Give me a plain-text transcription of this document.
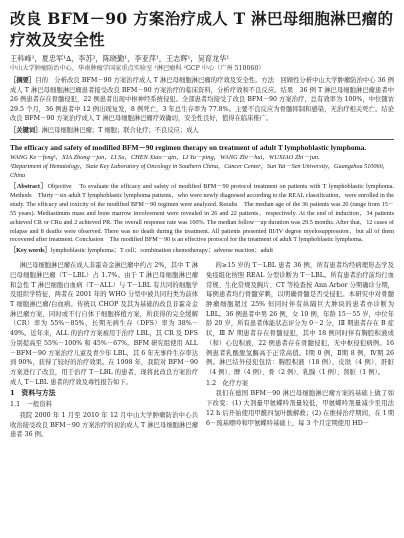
改良 BFM－90 方案治疗成人 T 淋巴母细胞淋巴瘤的疗效及安全性
王科峰¹，夏忠军¹∆，李苏²，陈晓勤¹，李亚萍¹，王志辉¹，吴育龙华¹
中山大学肿瘤防治中心，华南肿瘤学国家重点实验室 ¹淋巴瘤科 ²GCP 中心（广州 510060）
［摘要］目的　分析改良 BFM－90 方案治疗成人 T 淋巴母细胞淋巴瘤的疗效及安全性。方法　回顾性分析中山大学肿瘤防治中心 36 例成人 T 淋巴母细胞淋巴瘤患者接受改良 BFM－90 方案治疗的临床资料，分析疗效和不良反应。结果　36 例 T 淋巴母细胞淋巴瘤患者中 26 例患者存在骨髓侵犯，22 例患者出现中枢神经系统侵犯。全部患者均接受了改良 BFM－90 方案治疗，总有效率为 100%，中位随访 29.5 个月，36 例患者中 12 例出现复发，8 例死亡，3 年总生存率为 77.8%。主要不良反应为骨髓抑制和感染，无治疗相关死亡。结论　改良 BFM－90 方案治疗成人 T 淋巴母细胞淋巴瘤疗效确切，安全性良好，值得在临床推广。
［关键词］淋巴母细胞淋巴瘤；T 细胞；联合化疗；不良反应；成人
The efficacy and safety of modified BFM－90 regimen therapy on treatment of adult T lymphoblastic lymphoma.
WANG Ke－feng¹，XIA Zhong－jun，LI Su，CHEN Xiao－qin，LI Ya－ping，WANG Zhi－hui，WUXIAO Zhi－jun.
¹Department of Hematology，State Key Laboratory of Oncology in Southern China，Cancer Center，Sun Yat－Sen University，Guangzhou 510060，China
［Abstract］Objective　To evaluate the efficacy and safety of modified BFM－90 protocol treatment on patients with T lymphoblastic lymphoma. Methods　Thirty－six adult T lymphoblastic lymphoma patients，who were newly diagnosed according to the REAL classification，were enrolled in the study. The efficacy and toxicity of the modified BFM－90 regimen were analyzed. Results　The median age of the 36 patients was 20 (range from 15－55 years). Mediastinum mass and bone marrow involvement were revealed in 26 and 22 patients，respectively. At the end of induction，34 patients achieved CR or CRu and 2 achieved PR. The overall response rate was 100%. The median follow－up duration was 29.5 months. After that，12 cases of relapse and 8 deaths were observed. There was no death during the treatment. All patients presented III/IV degree myelosuppression，but all of them recovered after treatment. Conclusion　The modified BFM－90 is an effective protocol for the treatment of adult T lymphoblastic lymphoma.
［Key words］lymphoblastic lymphoma；T cell；combination chemotherapy；adverse reaction；adult

淋巴母细胞淋巴瘤在成人非霍奇金淋巴瘤中约占 2%，其中 T 淋巴母细胞淋巴瘤（T－LBL）占 1.7%。由于 T 淋巴母细胞淋巴瘤和急性 T 淋巴细胞白血病（T－ALL）与 T－LBL 有共同的细胞学及组织学特征，两者在 2001 年的 WHO 分型中被共同归类为前体 T 细胞淋巴瘤/白血病。传统以 CHOP 及其为基础的改良非霍奇金淋巴瘤方案，同时或不行自体干细胞移植方案，所获得的完全缓解（CR）率为 55%－85%，长期无病生存（DFS）率为 38%－49%。近年来，ALL 的治疗方案被用于治疗 LBL，其 CR 及 DFS 分别提高至 55%－100% 和 45%－67%。BFM 研究组使用 ALL－BFM－90 方案治疗儿童及青少年 LBL，其 6 年无事件生存率达到 90%，获得了较好的治疗效果。在 1998 年，我院对 BFM－90 方案进行了改良，用于治疗 T－LBL 的患者，现将此改良方案治疗成人 T－LBL 患者的疗效及毒性报告如下。

1　资料与方法
1.1　一般资料

我院 2000 年 1 月至 2010 年 12 月中山大学肿瘤防治中心共收治接受改良 BFM－90 方案治疗的初治成人 T 淋巴母细胞淋巴瘤患者 36 例。

的≥15 岁的 T－LBL 患者 36 例，所有患者均经病理形态学及免疫组化按照 REAL 分型诊断为 T－LBL。所有患者治疗前均行血常规、生化常规及胸片、CT 等检查按 Ann Arbor 分期确诊分期，每例患者均行骨髓穿刺，以明确骨髓是否受侵犯。本研究中对骨髓肿瘤细胞超过 25% 但同时伴有纵隔巨大肿块的患者亦诊断为 LBL。36 例患者中男 26 例，女 10 例，年龄 15－55 岁，中位年龄 20 岁，所有患者体能状态评分为 0－2 分，ⅠⅡ 期患者存在 B 症状，Ⅲ Ⅳ 期患者存在骨髓侵犯，其中 18 例同时伴有胸腔积液或（和）心包积液，22 例患者存在骨髓侵犯，无中枢侵犯病例。16 例患者乳酸脱氢酶高于正常高值。Ⅰ期 0 例，Ⅱ期 8 例，Ⅳ期 26 例。淋巴结外侵犯包括：胸腔积液（18 例）、皮肤（4 例）、肝脏（4 例）、脾（4 例）、骨（2 例）、乳腺（1 例）、肾脏（1 例）。

1.2　化疗方案

我们在德国 BFM－90 淋巴母细胞淋巴瘤方案的基础上做了如下改变：(1) 大剂量甲氨蝶呤剂量较低，甲氨蝶呤剂量减少至用法 12 h 后开始使用甲酰四氢叶酸解救；(2) 在维持治疗期间，在 I 期 6－巯基嘌呤和甲氨蝶呤基础上，每 3 个月定期使用 HD－
